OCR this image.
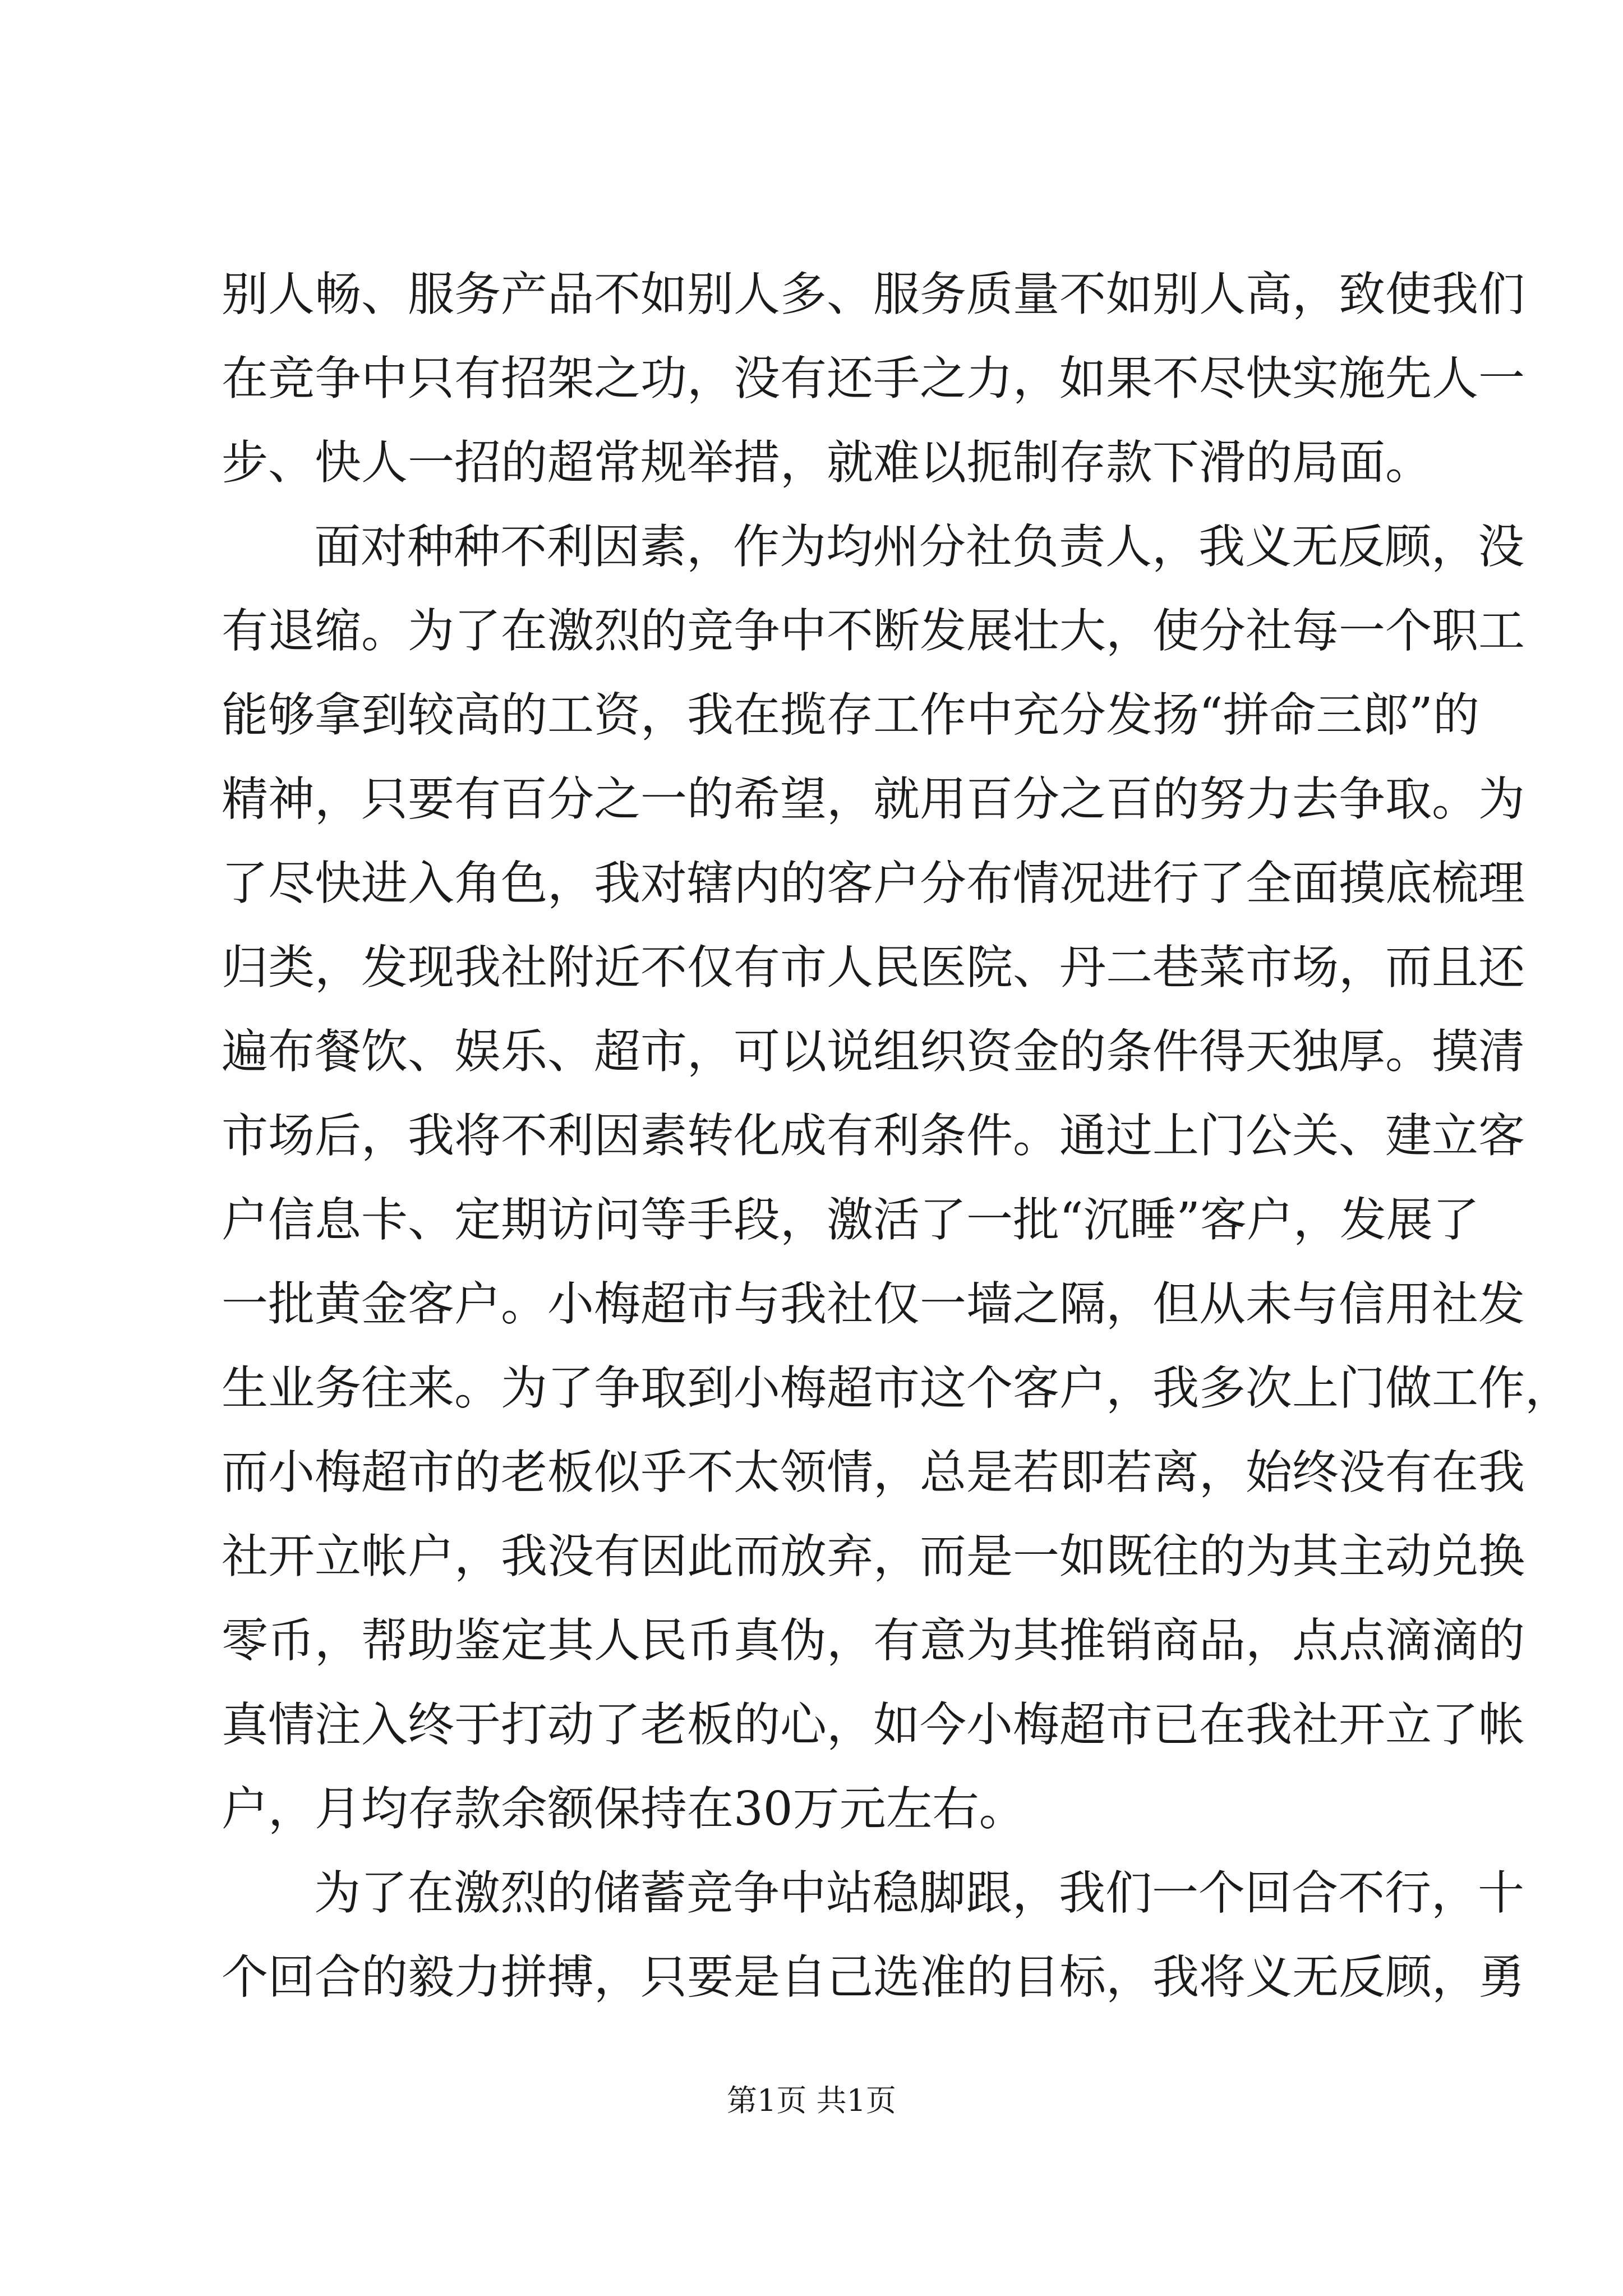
别人畅、服务产品不如别人多、服务质量不如别人高，致使我们
在竞争中只有招架之功，没有还手之力，如果不尽快实施先人一
步、快人一招的超常规举措，就难以扼制存款下滑的局面。
面对种种不利因素，作为均州分社负责人，我义无反顾，没
有退缩。为了在激烈的竞争中不断发展壮大，使分社每一个职工
能够拿到较高的工资，我在揽存工作中充分发扬“拼命三郎”的
精神，只要有百分之一的希望，就用百分之百的努力去争取。为
了尽快进入角色，我对辖内的客户分布情况进行了全面摸底梳理
归类，发现我社附近不仅有市人民医院、丹二巷菜市场，而且还
遍布餐饮、娱乐、超市，可以说组织资金的条件得天独厚。摸清
市场后，我将不利因素转化成有利条件。通过上门公关、建立客
户信息卡、定期访问等手段，激活了一批“沉睡”客户，发展了
一批黄金客户。小梅超市与我社仅一墙之隔，但从未与信用社发
生业务往来。为了争取到小梅超市这个客户，我多次上门做工作，
而小梅超市的老板似乎不太领情，总是若即若离，始终没有在我
社开立帐户，我没有因此而放弃，而是一如既往的为其主动兑换
零币，帮助鉴定其人民币真伪，有意为其推销商品，点点滴滴的
真情注入终于打动了老板的心，如今小梅超市已在我社开立了帐
户，月均存款余额保持在30万元左右。
为了在激烈的储蓄竞争中站稳脚跟，我们一个回合不行，十
个回合的毅力拼搏，只要是自己选准的目标，我将义无反顾，勇
第1页 共1页
